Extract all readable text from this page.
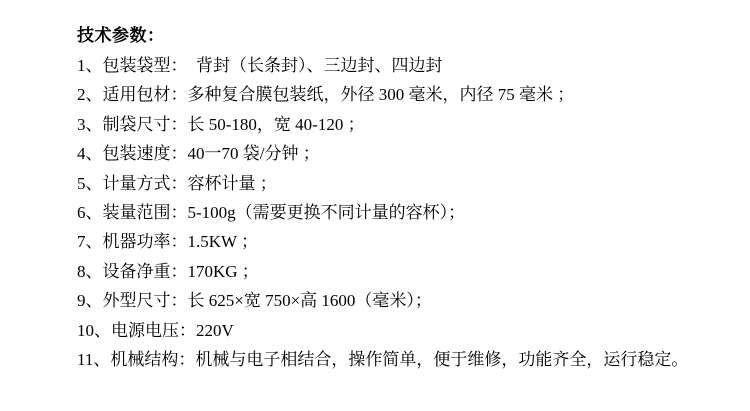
技术参数：
1、包装袋型：　背封（长条封）、三边封、四边封
2、适用包材：多种复合膜包装纸，外径 300 毫米，内径 75 毫米 ；
3、制袋尺寸：长 50-180，宽 40-120 ；
4、包装速度：40一70 袋/分钟 ；
5、计量方式：容杯计量 ；
6、装量范围：5-100g（需要更换不同计量的容杯）；
7、机器功率：1.5KW ；
8、设备净重：170KG ；
9、外型尺寸：长 625×宽 750×高 1600（毫米）；
10、电源电压：220V
11、机械结构：机械与电子相结合，操作简单，便于维修，功能齐全，运行稳定。
